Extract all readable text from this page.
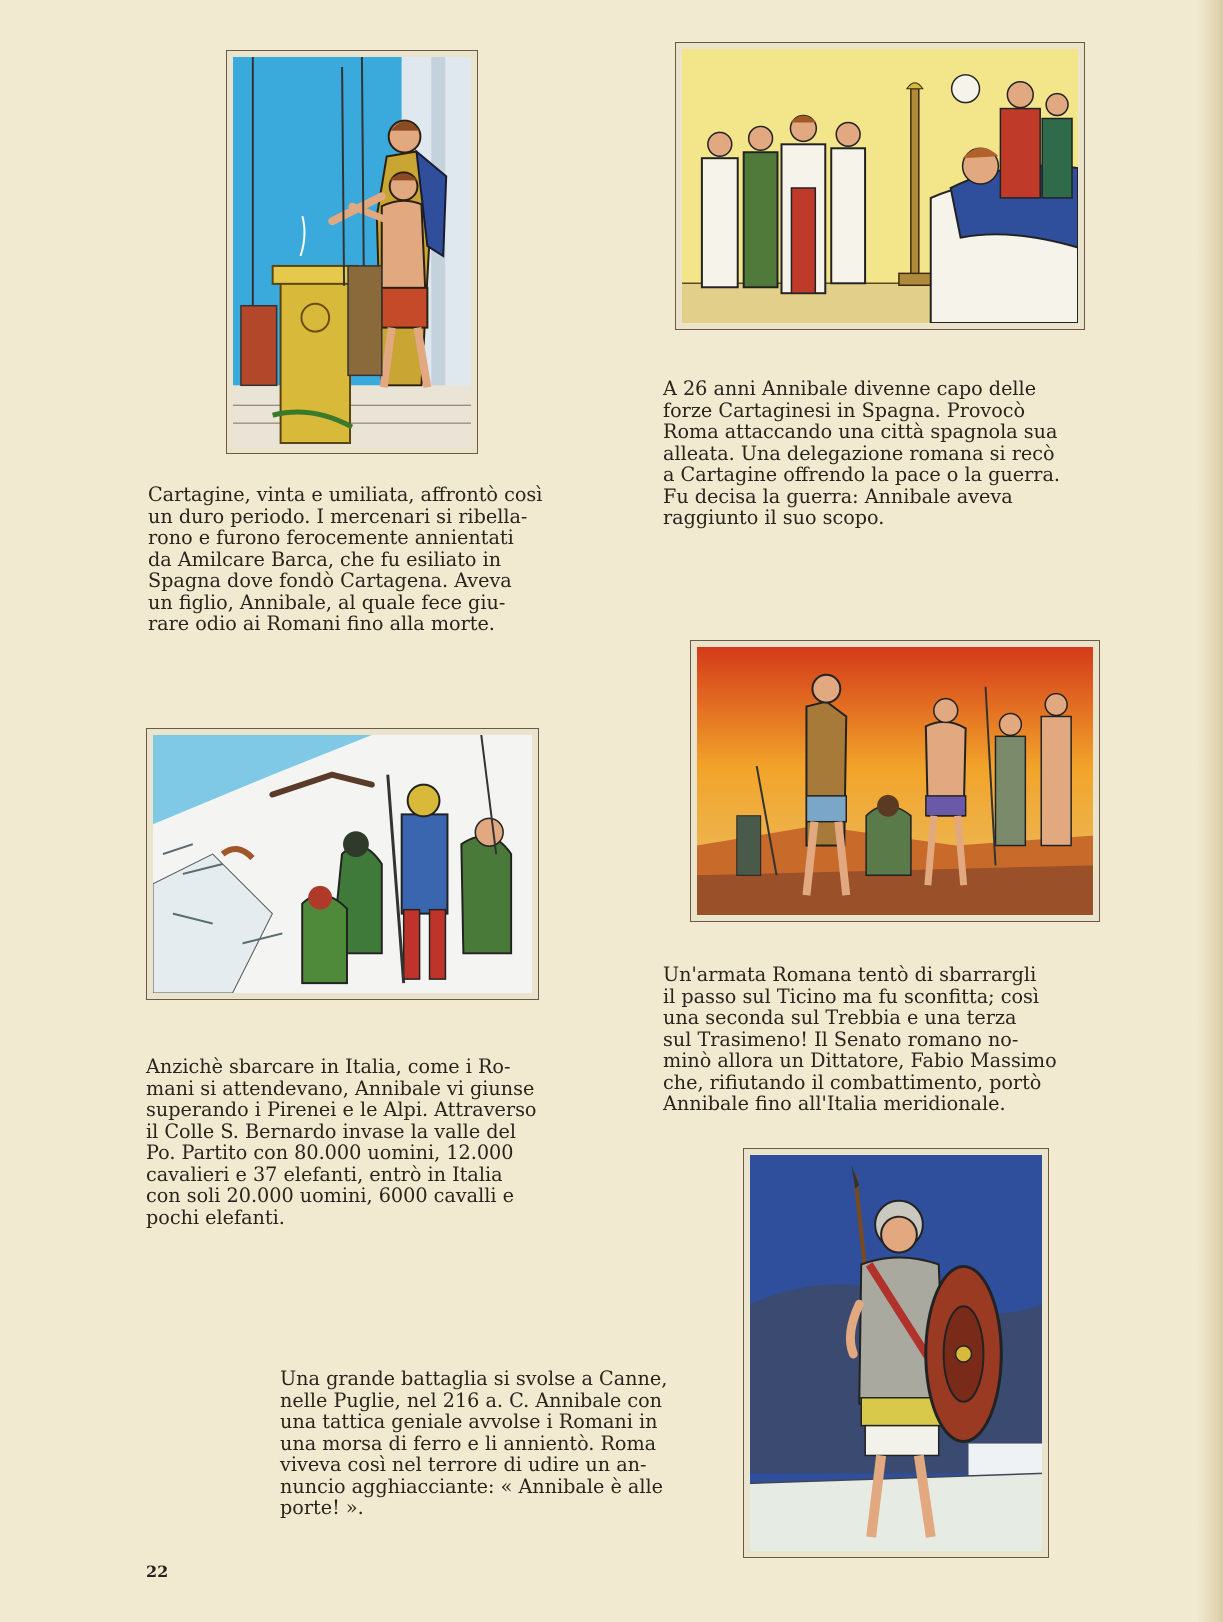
Cartagine, vinta e umiliata, affrontò così
un duro periodo. I mercenari si ribella-
rono e furono ferocemente annientati
da Amilcare Barca, che fu esiliato in
Spagna dove fondò Cartagena. Aveva
un figlio, Annibale, al quale fece giu-
rare odio ai Romani fino alla morte.

A 26 anni Annibale divenne capo delle
forze Cartaginesi in Spagna. Provocò
Roma attaccando una città spagnola sua
alleata. Una delegazione romana si recò
a Cartagine offrendo la pace o la guerra.
Fu decisa la guerra: Annibale aveva
raggiunto il suo scopo.

Anzichè sbarcare in Italia, come i Ro-
mani si attendevano, Annibale vi giunse
superando i Pirenei e le Alpi. Attraverso
il Colle S. Bernardo invase la valle del
Po. Partito con 80.000 uomini, 12.000
cavalieri e 37 elefanti, entrò in Italia
con soli 20.000 uomini, 6000 cavalli e
pochi elefanti.

Un'armata Romana tentò di sbarrargli
il passo sul Ticino ma fu sconfitta; così
una seconda sul Trebbia e una terza
sul Trasimeno! Il Senato romano no-
minò allora un Dittatore, Fabio Massimo
che, rifiutando il combattimento, portò
Annibale fino all'Italia meridionale.

Una grande battaglia si svolse a Canne,
nelle Puglie, nel 216 a. C. Annibale con
una tattica geniale avvolse i Romani in
una morsa di ferro e li annientò. Roma
viveva così nel terrore di udire un an-
nuncio agghiacciante: « Annibale è alle
porte! ».

22
